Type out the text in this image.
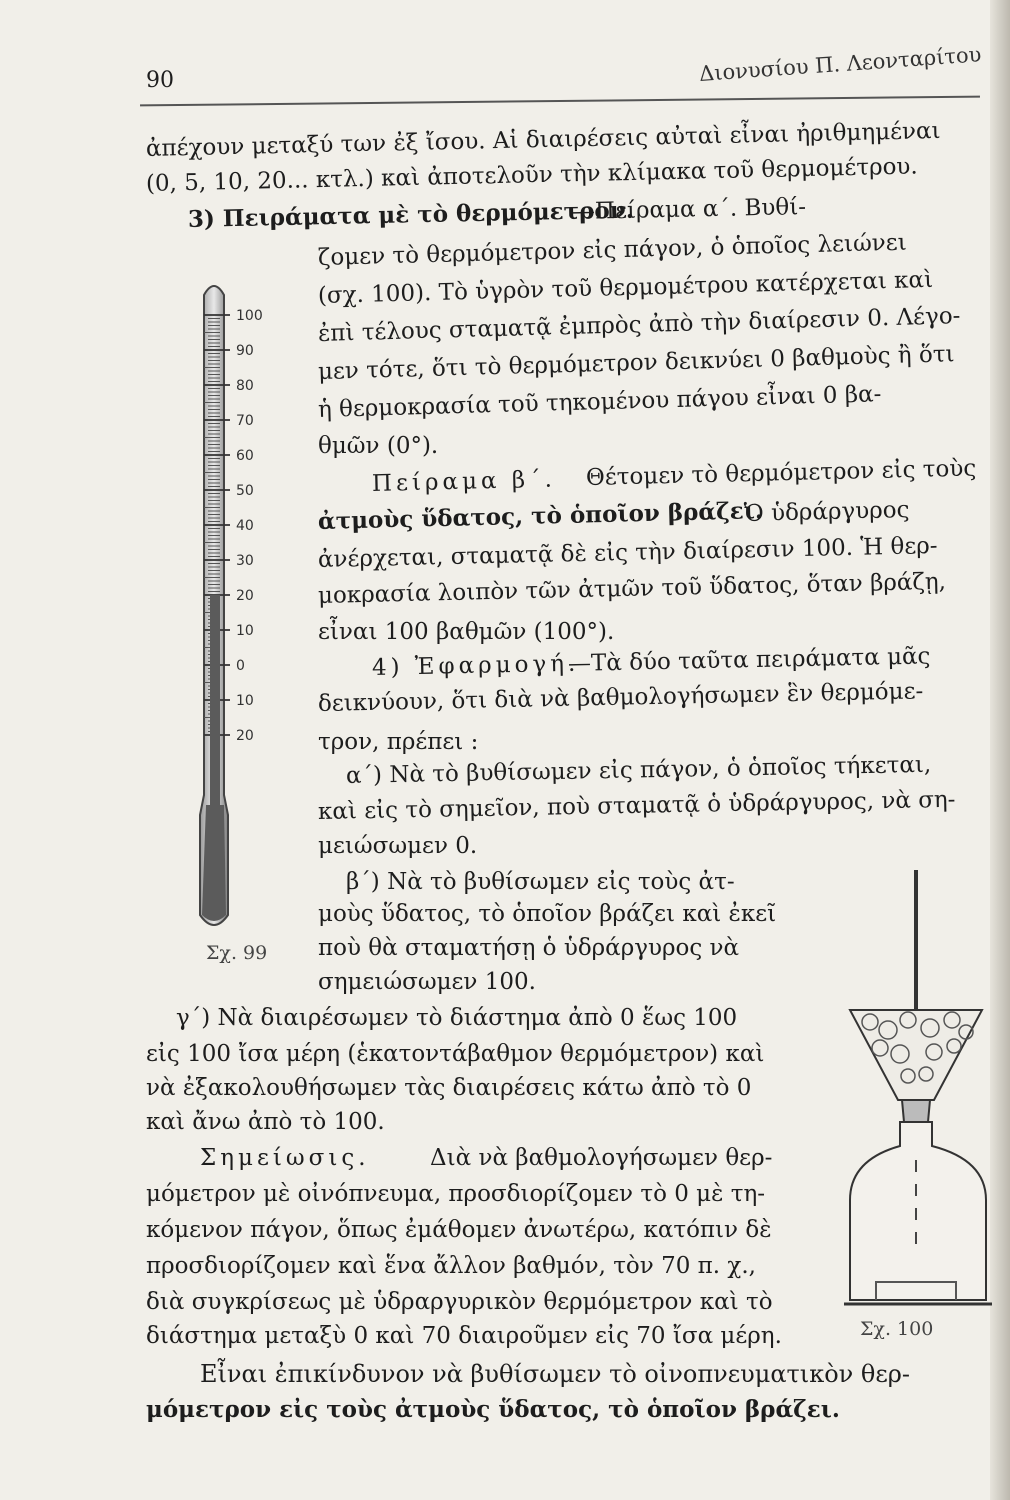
90	Διονυσίου Π. Λεονταρίτου
ἀπέχουν μεταξύ των ἐξ ἴσου. Αἱ διαιρέσεις αὐταὶ εἶναι ἠριθμημέναι
(0, 5, 10, 20... κτλ.) καὶ ἀποτελοῦν τὴν κλίμακα τοῦ θερμομέτρου.
3) Πειράματα μὲ τὸ θερμόμετρον.
—Πείραμα α΄. Βυθί-
ζομεν τὸ θερμόμετρον εἰς πάγον, ὁ ὁποῖος λειώνει
(σχ. 100). Τὸ ὑγρὸν τοῦ θερμομέτρου κατέρχεται καὶ
ἐπὶ τέλους σταματᾷ ἐμπρὸς ἀπὸ τὴν διαίρεσιν 0. Λέγο-
μεν τότε, ὅτι τὸ θερμόμετρον δεικνύει 0 βαθμοὺς ἢ ὅτι
ἡ θερμοκρασία τοῦ τηκομένου πάγου εἶναι 0 βα-
θμῶν (0°).
Πείραμα β΄. Θέτομεν τὸ θερμόμετρον εἰς τοὺς
ἀτμοὺς ὕδατος, τὸ ὁποῖον βράζει.
Ὁ ὑδράργυρος
ἀνέρχεται, σταματᾷ δὲ εἰς τὴν διαίρεσιν 100. Ἡ θερ-
μοκρασία λοιπὸν τῶν ἀτμῶν τοῦ ὕδατος, ὅταν βράζῃ,
εἶναι 100 βαθμῶν (100°).
4) Ἐφαρμογή.
—Τὰ δύο ταῦτα πειράματα μᾶς
δεικνύουν, ὅτι διὰ νὰ βαθμολογήσωμεν ἓν θερμόμε-
τρον, πρέπει :
α΄) Νὰ τὸ βυθίσωμεν εἰς πάγον, ὁ ὁποῖος τήκεται,
καὶ εἰς τὸ σημεῖον, ποὺ σταματᾷ ὁ ὑδράργυρος, νὰ ση-
μειώσωμεν 0.
β΄) Νὰ τὸ βυθίσωμεν εἰς τοὺς ἀτ-
μοὺς ὕδατος, τὸ ὁποῖον βράζει καὶ ἐκεῖ
ποὺ θὰ σταματήσῃ ὁ ὑδράργυρος νὰ
σημειώσωμεν 100.
γ΄) Νὰ διαιρέσωμεν τὸ διάστημα ἀπὸ 0 ἕως 100
εἰς 100 ἴσα μέρη (ἑκατοντάβαθμον θερμόμετρον) καὶ
νὰ ἐξακολουθήσωμεν τὰς διαιρέσεις κάτω ἀπὸ τὸ 0
καὶ ἄνω ἀπὸ τὸ 100.
Σημείωσις.	Διὰ νὰ βαθμολογήσωμεν θερ-
μόμετρον μὲ οἰνόπνευμα, προσδιορίζομεν τὸ 0 μὲ τη-
κόμενον πάγον, ὅπως ἐμάθομεν ἀνωτέρω, κατόπιν δὲ
προσδιορίζομεν καὶ ἕνα ἄλλον βαθμόν, τὸν 70 π. χ.,
διὰ συγκρίσεως μὲ ὑδραργυρικὸν θερμόμετρον καὶ τὸ
διάστημα μεταξὺ 0 καὶ 70 διαιροῦμεν εἰς 70 ἴσα μέρη.
Εἶναι ἐπικίνδυνον νὰ βυθίσωμεν τὸ οἰνοπνευματικὸν θερ-
μόμετρον εἰς τοὺς ἀτμοὺς ὕδατος, τὸ ὁποῖον βράζει.
100
90
80
70
60
50
40
30
20
10
0
10
20
Σχ. 99
Σχ. 100
